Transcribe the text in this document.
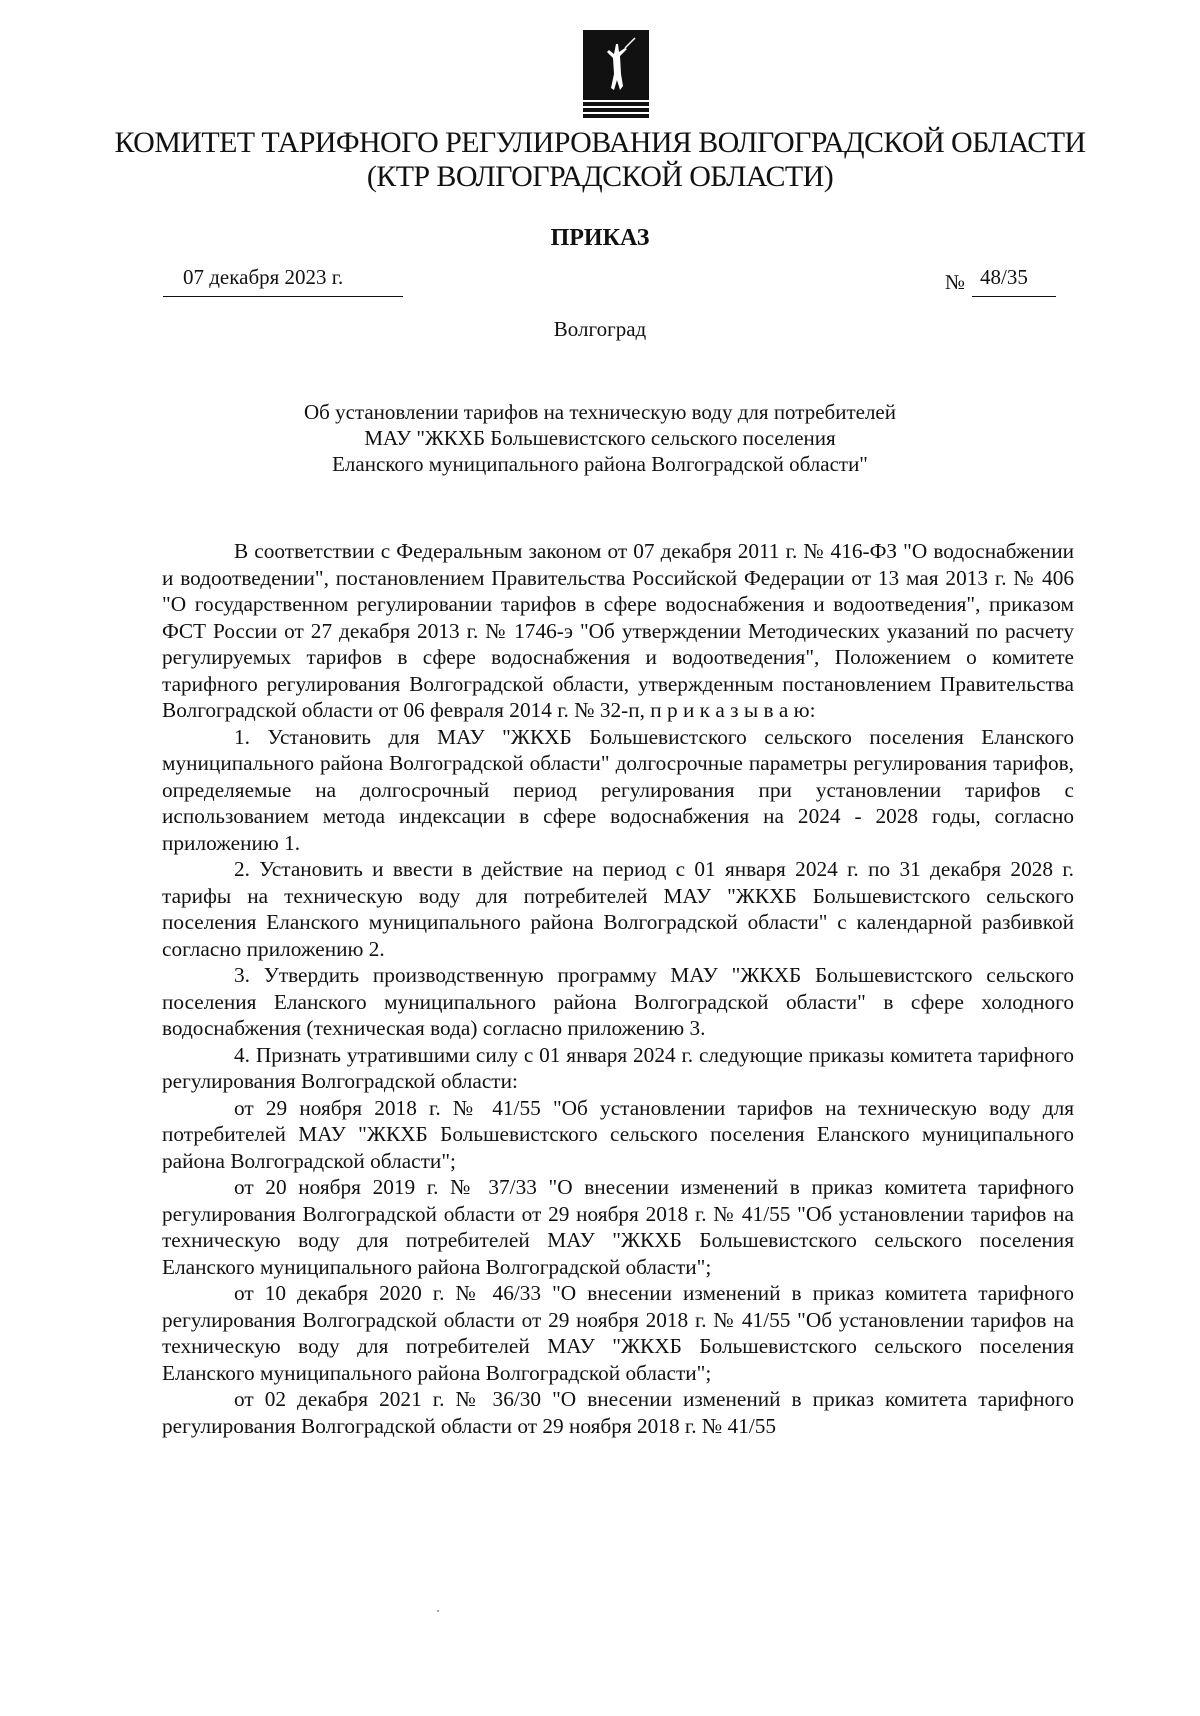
КОМИТЕТ ТАРИФНОГО РЕГУЛИРОВАНИЯ ВОЛГОГРАДСКОЙ ОБЛАСТИ
(КТР ВОЛГОГРАДСКОЙ ОБЛАСТИ)
ПРИКАЗ
07 декабря 2023 г.	№ 48/35
Волгоград
Об установлении тарифов на техническую воду для потребителей
МАУ "ЖКХБ Большевистского сельского поселения
Еланского муниципального района Волгоградской области"

В соответствии с Федеральным законом от 07 декабря 2011 г. № 416-ФЗ "О водоснабжении и водоотведении", постановлением Правительства Российской Федерации от 13 мая 2013 г. № 406 "О государственном регулировании тарифов в сфере водоснабжения и водоотведения", приказом ФСТ России от 27 декабря 2013 г. № 1746-э "Об утверждении Методических указаний по расчету регулируемых тарифов в сфере водоснабжения и водоотведения", Положением о комитете тарифного регулирования Волгоградской области, утвержденным постановлением Правительства Волгоградской области от 06 февраля 2014 г. № 32-п, п р и к а з ы в а ю:

1. Установить для МАУ "ЖКХБ Большевистского сельского поселения Еланского муниципального района Волгоградской области" долгосрочные параметры регулирования тарифов, определяемые на долгосрочный период регулирования при установлении тарифов с использованием метода индексации в сфере водоснабжения на 2024 - 2028 годы, согласно приложению 1.

2. Установить и ввести в действие на период с 01 января 2024 г. по 31 декабря 2028 г. тарифы на техническую воду для потребителей МАУ "ЖКХБ Большевистского сельского поселения Еланского муниципального района Волгоградской области" с календарной разбивкой согласно приложению 2.

3. Утвердить производственную программу МАУ "ЖКХБ Большевистского сельского поселения Еланского муниципального района Волгоградской области" в сфере холодного водоснабжения (техническая вода) согласно приложению 3.

4. Признать утратившими силу с 01 января 2024 г. следующие приказы комитета тарифного регулирования Волгоградской области:

от 29 ноября 2018 г. № 41/55 "Об установлении тарифов на техническую воду для потребителей МАУ "ЖКХБ Большевистского сельского поселения Еланского муниципального района Волгоградской области";

от 20 ноября 2019 г. № 37/33 "О внесении изменений в приказ комитета тарифного регулирования Волгоградской области от 29 ноября 2018 г. № 41/55 "Об установлении тарифов на техническую воду для потребителей МАУ "ЖКХБ Большевистского сельского поселения Еланского муниципального района Волгоградской области";

от 10 декабря 2020 г. № 46/33 "О внесении изменений в приказ комитета тарифного регулирования Волгоградской области от 29 ноября 2018 г. № 41/55 "Об установлении тарифов на техническую воду для потребителей МАУ "ЖКХБ Большевистского сельского поселения Еланского муниципального района Волгоградской области";

от 02 декабря 2021 г. № 36/30 "О внесении изменений в приказ комитета тарифного регулирования Волгоградской области от 29 ноября 2018 г. № 41/55
